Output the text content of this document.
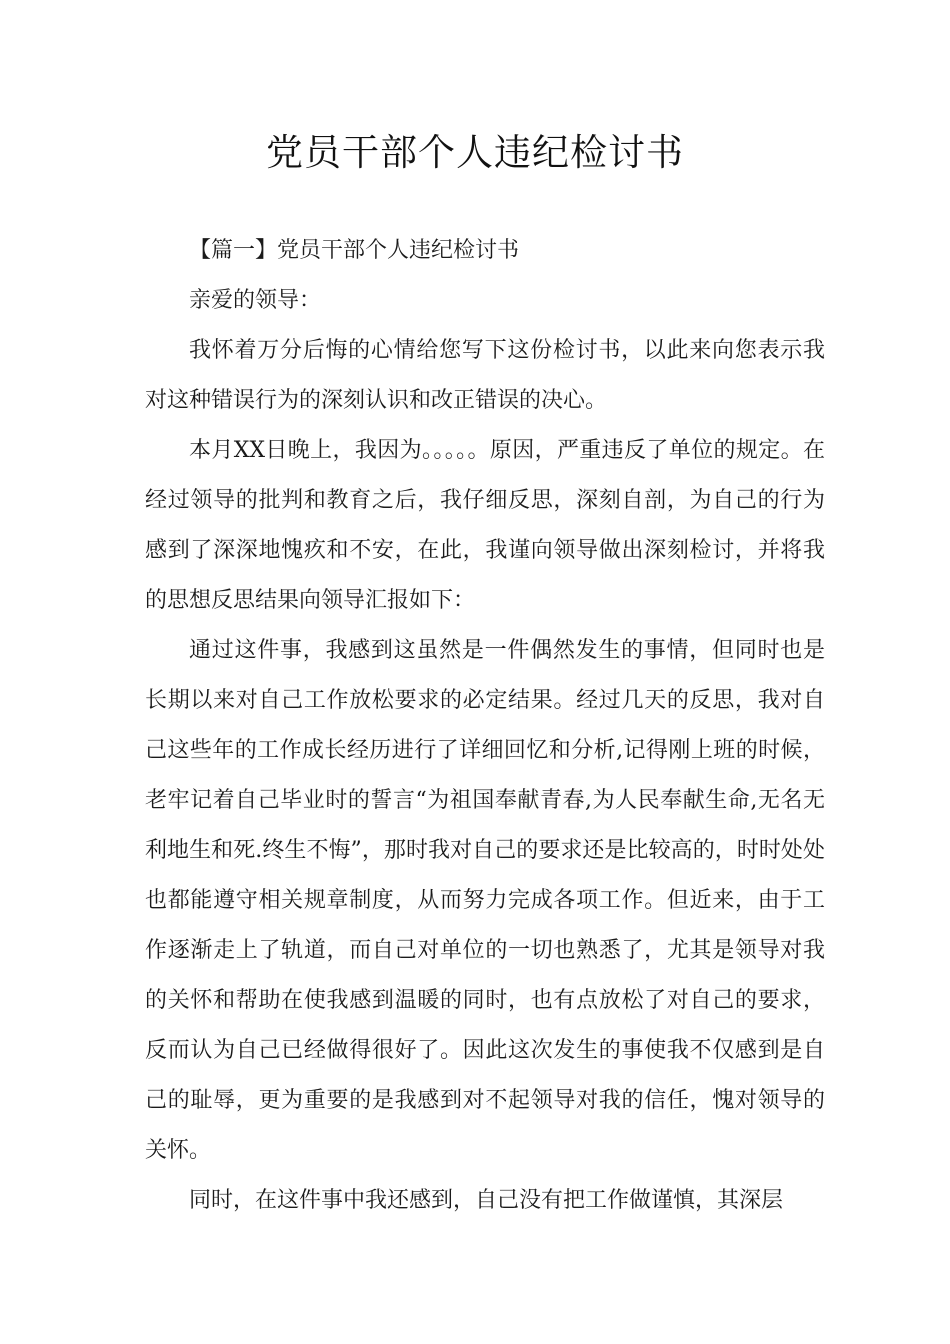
党员干部个人违纪检讨书

【篇一】党员干部个人违纪检讨书

亲爱的领导：

我怀着万分后悔的心情给您写下这份检讨书，以此来向您表示我对这种错误行为的深刻认识和改正错误的决心。

本月XX日晚上，我因为。。。。。原因，严重违反了单位的规定。在经过领导的批判和教育之后，我仔细反思，深刻自剖，为自己的行为感到了深深地愧疚和不安，在此，我谨向领导做出深刻检讨，并将我的思想反思结果向领导汇报如下：

通过这件事，我感到这虽然是一件偶然发生的事情，但同时也是长期以来对自己工作放松要求的必定结果。经过几天的反思，我对自己这些年的工作成长经历进行了详细回忆和分析,记得刚上班的时候，老牢记着自己毕业时的誓言“为祖国奉献青春,为人民奉献生命,无名无利地生和死.终生不悔”，那时我对自己的要求还是比较高的，时时处处也都能遵守相关规章制度，从而努力完成各项工作。但近来，由于工作逐渐走上了轨道，而自己对单位的一切也熟悉了，尤其是领导对我的关怀和帮助在使我感到温暖的同时，也有点放松了对自己的要求，反而认为自己已经做得很好了。因此这次发生的事使我不仅感到是自己的耻辱，更为重要的是我感到对不起领导对我的信任，愧对领导的关怀。

同时，在这件事中我还感到，自己没有把工作做谨慎，其深层
